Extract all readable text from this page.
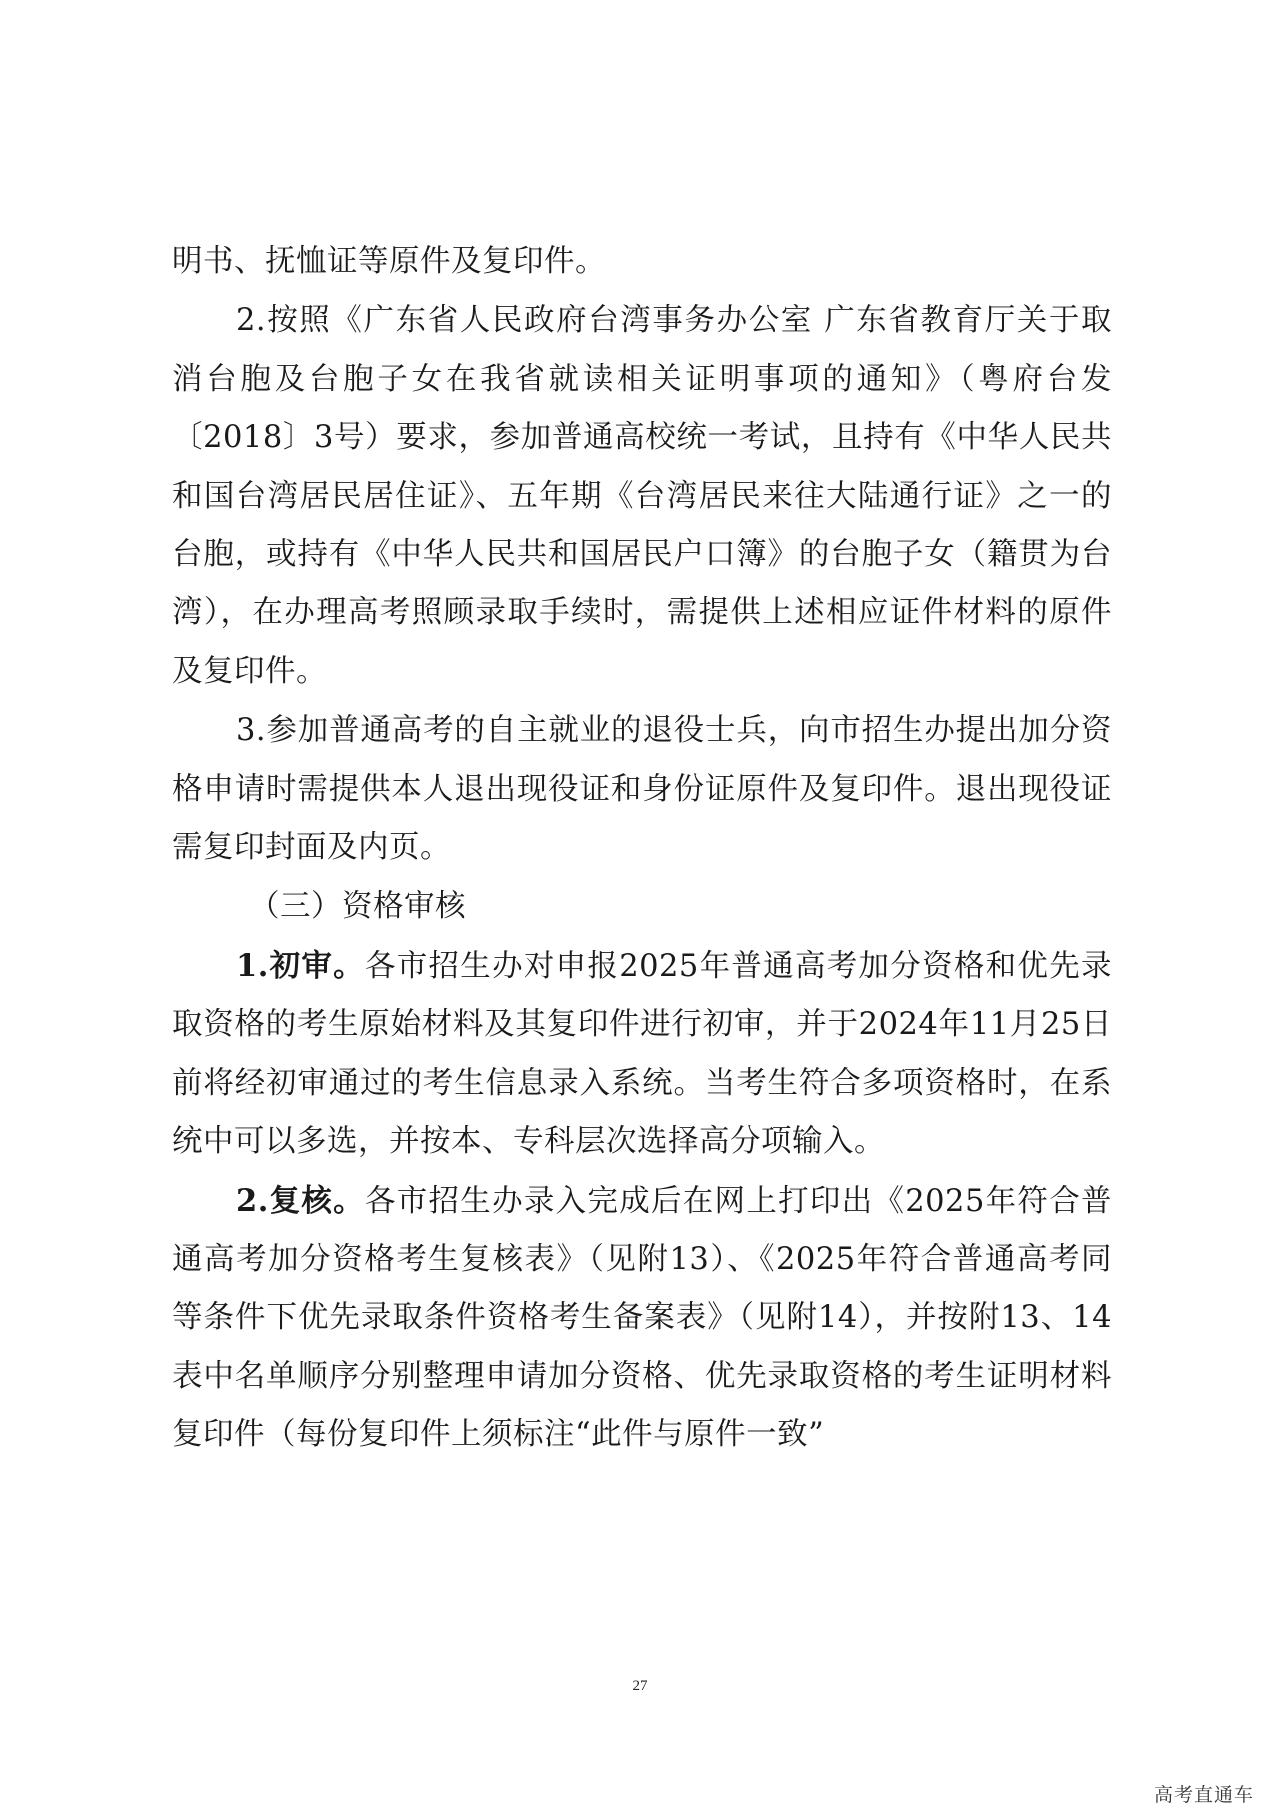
明书、抚恤证等原件及复印件。

2.按照《广东省人民政府台湾事务办公室 广东省教育厅关于取消台胞及台胞子女在我省就读相关证明事项的通知》（粤府台发〔2018〕3号）要求，参加普通高校统一考试，且持有《中华人民共和国台湾居民居住证》、五年期《台湾居民来往大陆通行证》之一的台胞，或持有《中华人民共和国居民户口簿》的台胞子女（籍贯为台湾），在办理高考照顾录取手续时，需提供上述相应证件材料的原件及复印件。

3.参加普通高考的自主就业的退役士兵，向市招生办提出加分资格申请时需提供本人退出现役证和身份证原件及复印件。退出现役证需复印封面及内页。

（三）资格审核

1.初审。各市招生办对申报2025年普通高考加分资格和优先录取资格的考生原始材料及其复印件进行初审，并于2024年11月25日前将经初审通过的考生信息录入系统。当考生符合多项资格时，在系统中可以多选，并按本、专科层次选择高分项输入。

2.复核。各市招生办录入完成后在网上打印出《2025年符合普通高考加分资格考生复核表》（见附13）、《2025年符合普通高考同等条件下优先录取条件资格考生备案表》（见附14），并按附13、14表中名单顺序分别整理申请加分资格、优先录取资格的考生证明材料复印件（每份复印件上须标注“此件与原件一致”

27
高考直通车
